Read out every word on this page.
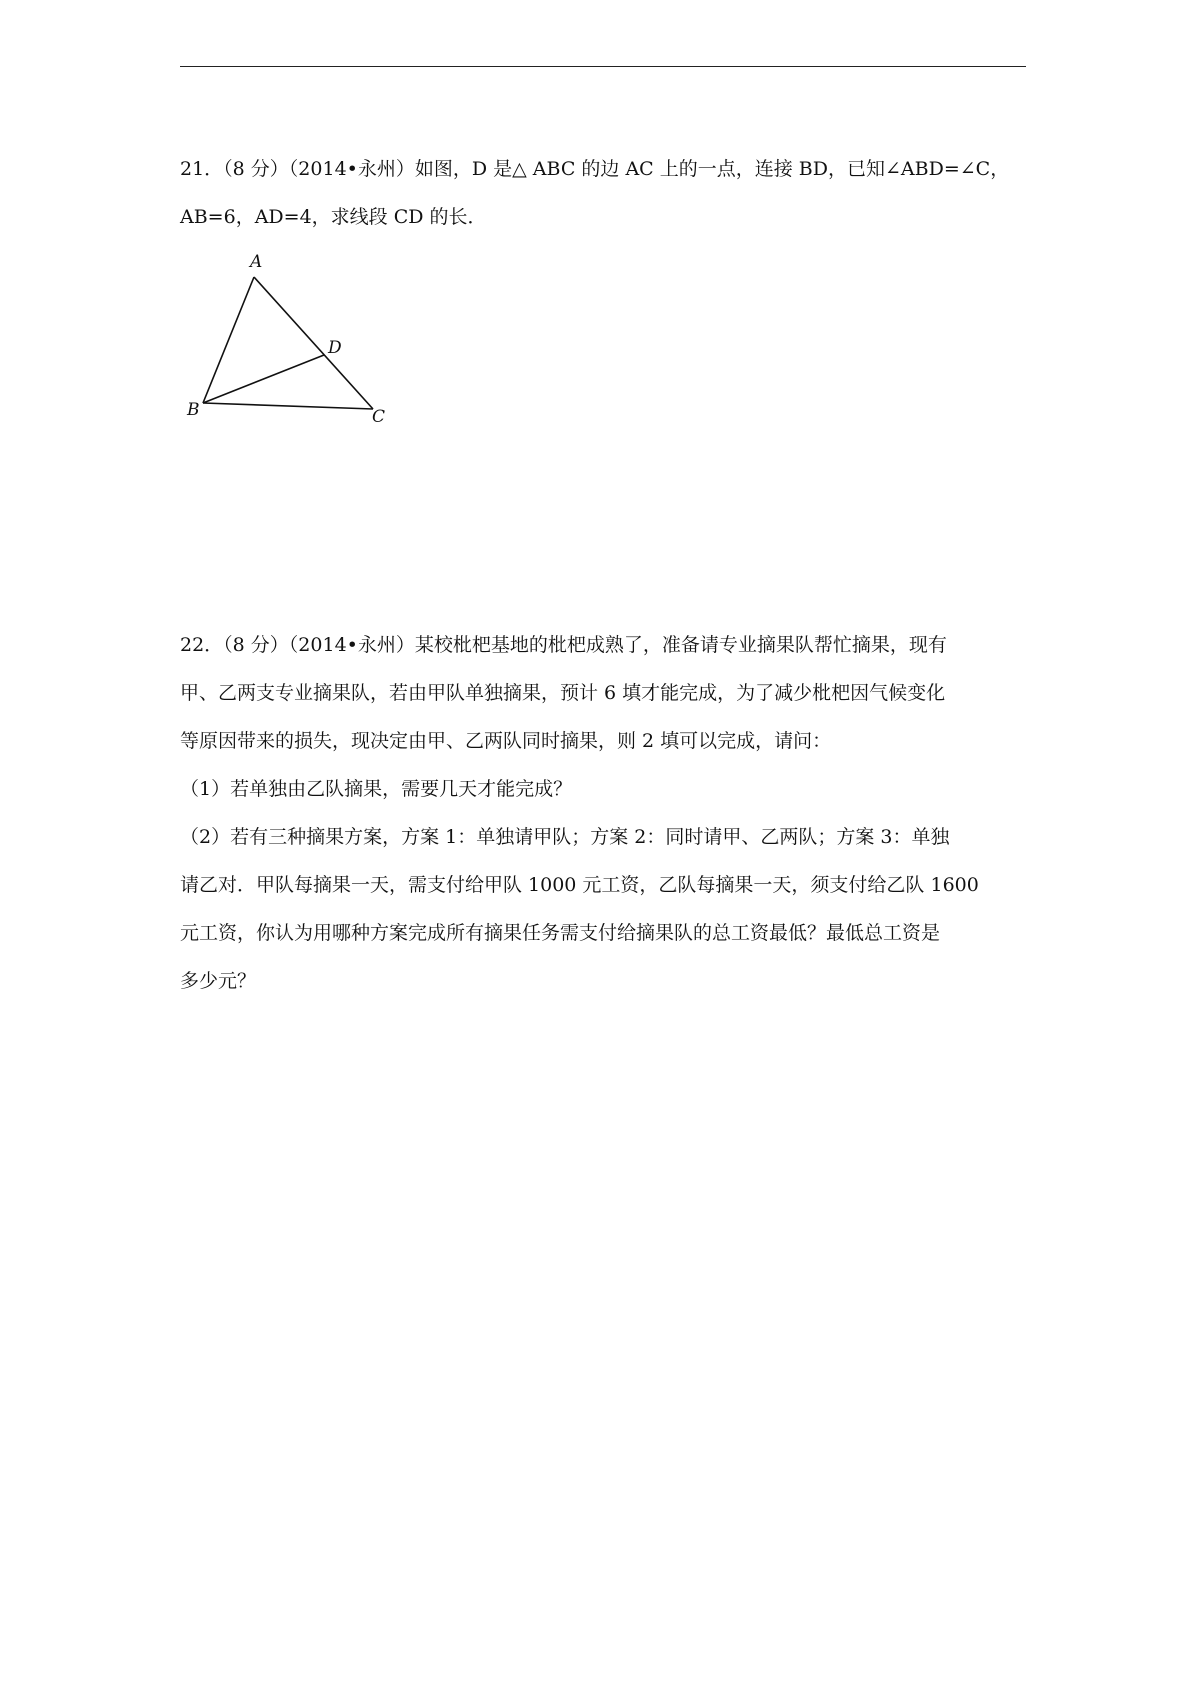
21．（8 分）（2014•永州）如图，D 是△ ABC 的边 AC 上的一点，连接 BD，已知∠ABD=∠C，
AB=6，AD=4，求线段 CD 的长．

A
B	C
D

22．（8 分）（2014•永州）某校枇杷基地的枇杷成熟了，准备请专业摘果队帮忙摘果，现有
甲、乙两支专业摘果队，若由甲队单独摘果，预计 6 填才能完成，为了减少枇杷因气候变化
等原因带来的损失，现决定由甲、乙两队同时摘果，则 2 填可以完成，请问：
（1）若单独由乙队摘果，需要几天才能完成？
（2）若有三种摘果方案，方案 1：单独请甲队；方案 2：同时请甲、乙两队；方案 3：单独
请乙对．甲队每摘果一天，需支付给甲队 1000 元工资，乙队每摘果一天，须支付给乙队 1600
元工资，你认为用哪种方案完成所有摘果任务需支付给摘果队的总工资最低？最低总工资是
多少元？
